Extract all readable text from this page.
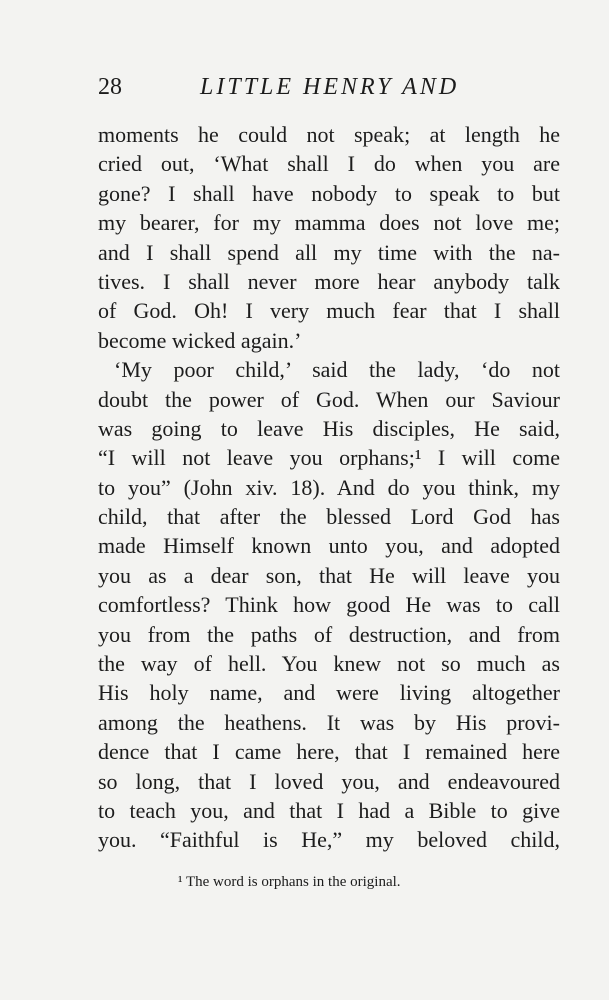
28	LITTLE HENRY AND
moments he could not speak; at length he
cried out, ‘What shall I do when you are
gone? I shall have nobody to speak to but
my bearer, for my mamma does not love me;
and I shall spend all my time with the na-
tives. I shall never more hear anybody talk
of God. Oh! I very much fear that I shall
become wicked again.’
‘My poor child,’ said the lady, ‘do not
doubt the power of God. When our Saviour
was going to leave His disciples, He said,
“I will not leave you orphans;¹ I will come
to you” (John xiv. 18). And do you think, my
child, that after the blessed Lord God has
made Himself known unto you, and adopted
you as a dear son, that He will leave you
comfortless? Think how good He was to call
you from the paths of destruction, and from
the way of hell. You knew not so much as
His holy name, and were living altogether
among the heathens. It was by His provi-
dence that I came here, that I remained here
so long, that I loved you, and endeavoured
to teach you, and that I had a Bible to give
you. “Faithful is He,” my beloved child,
¹ The word is orphans in the original.
